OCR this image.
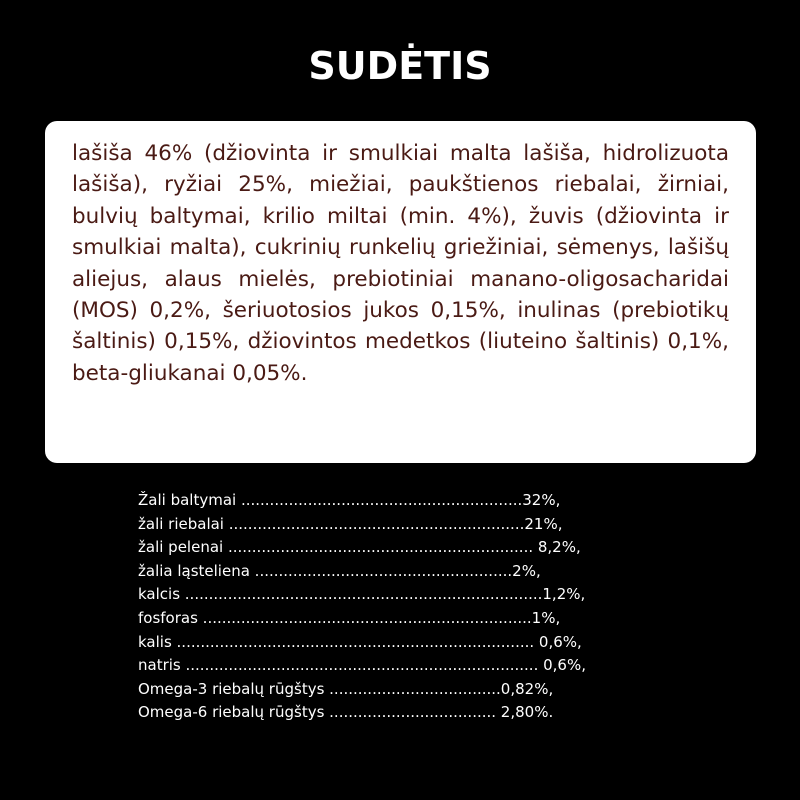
SUDĖTIS

lašiša 46% (džiovinta ir smulkiai malta lašiša, hidrolizuota lašiša), ryžiai 25%, miežiai, paukštienos riebalai, žirniai, bulvių baltymai, krilio miltai (min. 4%), žuvis (džiovinta ir smulkiai malta), cukrinių runkelių griežiniai, sėmenys, lašišų aliejus, alaus mielės, prebiotiniai manano-oligosacharidai (MOS) 0,2%, šeriuotosios jukos 0,15%, inulinas (prebiotikų šaltinis) 0,15%, džiovintos medetkos (liuteino šaltinis) 0,1%, beta-gliukanai 0,05%.

Žali baltymai ...........................................................32%,
žali riebalai ..............................................................21%,
žali pelenai ................................................................ 8,2%,
žalia ląsteliena ......................................................2%,
kalcis ...........................................................................1,2%,
fosforas .....................................................................1%,
kalis ........................................................................... 0,6%,
natris .......................................................................... 0,6%,
Omega-3 riebalų rūgštys ....................................0,82%,
Omega-6 riebalų rūgštys ................................... 2,80%.
